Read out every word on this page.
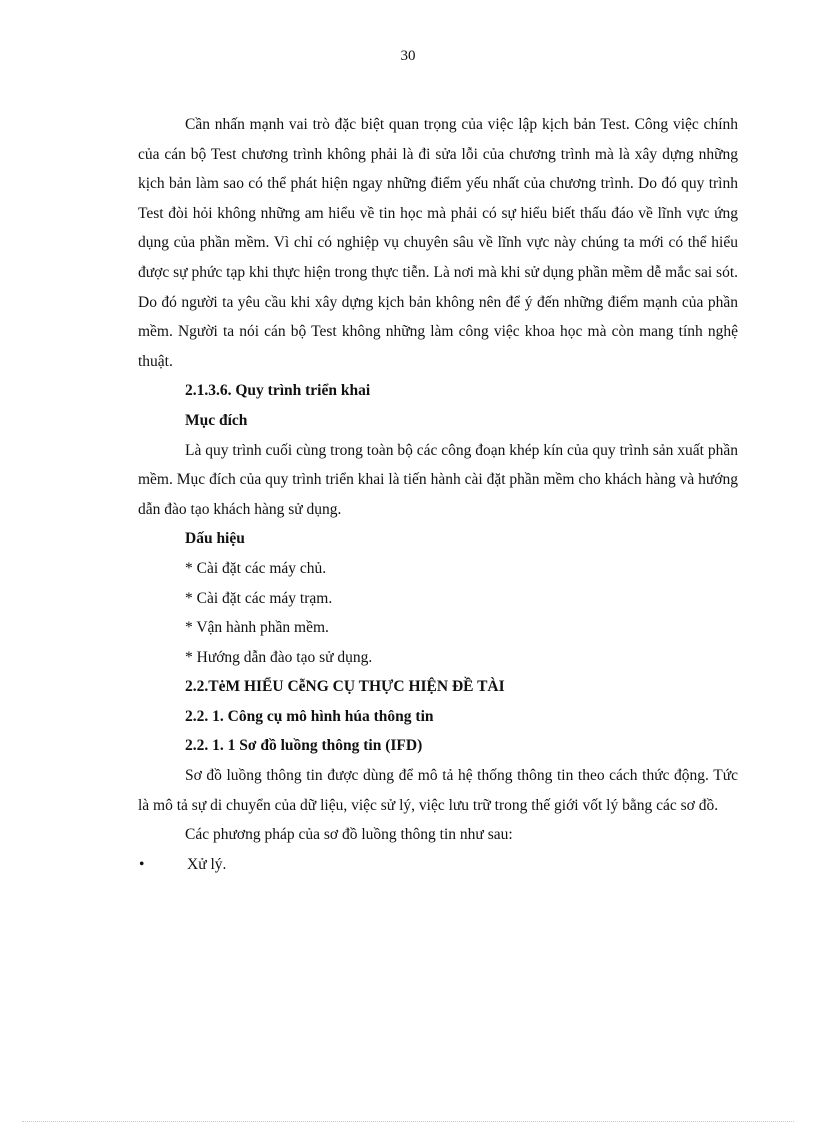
30

Cần nhấn mạnh vai trò đặc biệt quan trọng của việc lập kịch bản Test. Công việc chính của cán bộ Test chương trình không phải là đi sửa lỗi của chương trình mà là xây dựng những kịch bản làm sao có thể phát hiện ngay những điểm yếu nhất của chương trình. Do đó quy trình Test đòi hỏi không những am hiểu về tin học mà phải có sự hiểu biết thấu đáo về lĩnh vực ứng dụng của phần mềm. Vì chỉ có nghiệp vụ chuyên sâu về lĩnh vực này chúng ta mới có thể hiểu được sự phức tạp khi thực hiện trong thực tiễn. Là nơi mà khi sử dụng phần mềm dễ mắc sai sót. Do đó người ta yêu cầu khi xây dựng kịch bản không nên để ý đến những điểm mạnh của phần mềm. Người ta nói cán bộ Test không những làm công việc khoa học mà còn mang tính nghệ thuật.

2.1.3.6. Quy trình triển khai

Mục đích

Là quy trình cuối cùng trong toàn bộ các công đoạn khép kín của quy trình sản xuất phần mềm. Mục đích của quy trình triển khai là tiến hành cài đặt phần mềm cho khách hàng và hướng dẫn đào tạo khách hàng sử dụng.

Dấu hiệu

* Cài đặt các máy chủ.

* Cài đặt các máy trạm.

* Vận hành phần mềm.

* Hướng dẫn đào tạo sử dụng.

2.2.TėM HIỂU CễNG CỤ THỰC HIỆN ĐỀ TÀI

2.2. 1. Công cụ mô hình húa thông tin

2.2. 1. 1 Sơ đồ luồng thông tin (IFD)

Sơ đồ luồng thông tin được dùng để mô tả hệ thống thông tin theo cách thức động. Tức là mô tả sự di chuyển của dữ liệu, việc sử lý, việc lưu trữ trong thế giới vốt lý bằng các sơ đồ.

Các phương pháp của sơ đồ luồng thông tin như sau:

•	Xử lý.
